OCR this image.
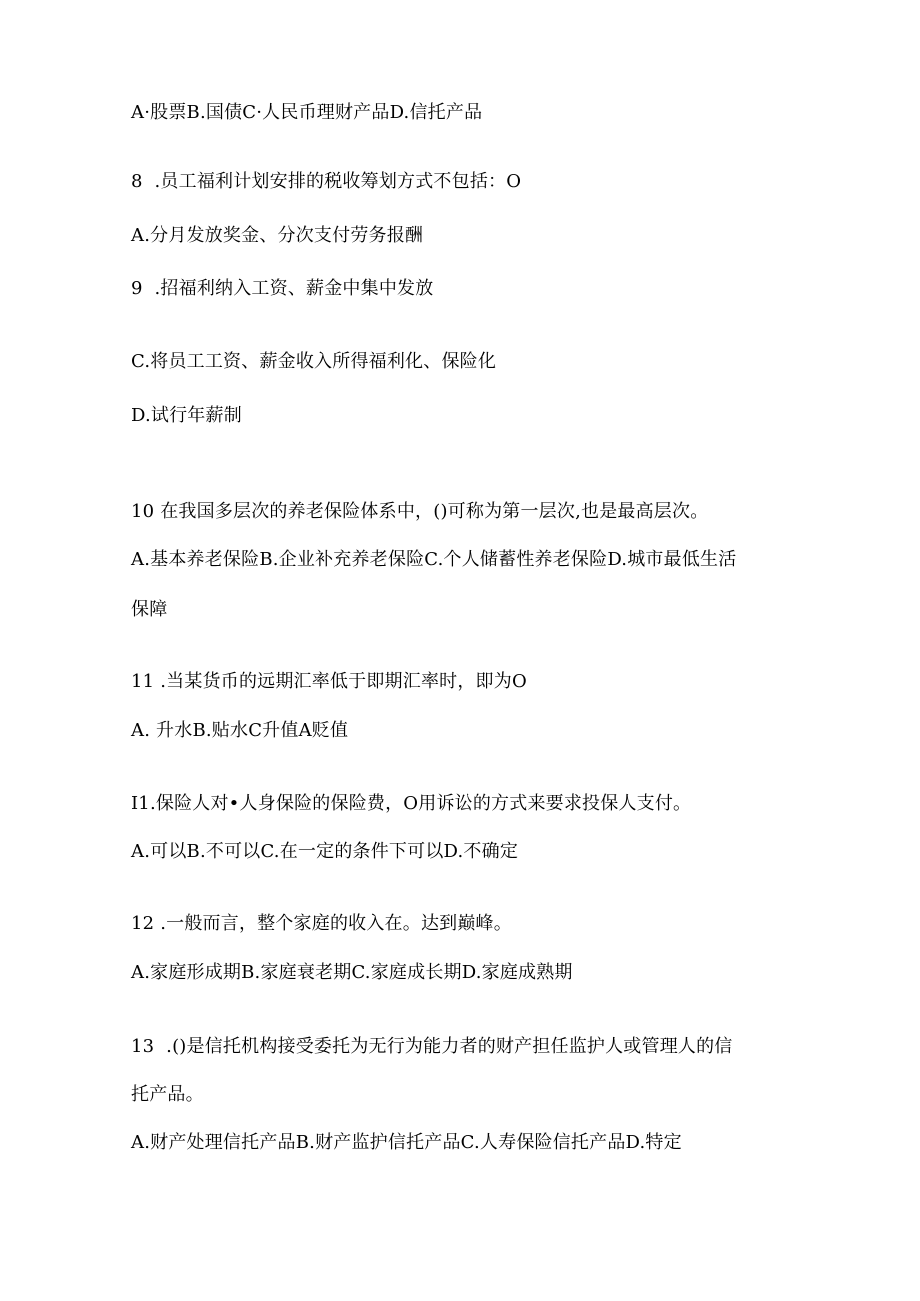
A·股票B.国债C·人民币理财产品D.信托产品
8  .员工福利计划安排的税收筹划方式不包括：O
A.分月发放奖金、分次支付劳务报酬
9  .招福利纳入工资、薪金中集中发放
C.将员工工资、薪金收入所得福利化、保险化
D.试行年薪制
10 在我国多层次的养老保险体系中，()可称为第一层次,也是最高层次。
A.基本养老保险B.企业补充养老保险C.个人储蓄性养老保险D.城市最低生活
保障
11 .当某货币的远期汇率低于即期汇率时，即为O
A. 升水B.贴水C升值A贬值
I1.保险人对•人身保险的保险费，O用诉讼的方式来要求投保人支付。
A.可以B.不可以C.在一定的条件下可以D.不确定
12 .一般而言，整个家庭的收入在。达到巅峰。
A.家庭形成期B.家庭衰老期C.家庭成长期D.家庭成熟期
13  .()是信托机构接受委托为无行为能力者的财产担任监护人或管理人的信
托产品。
A.财产处理信托产品B.财产监护信托产品C.人寿保险信托产品D.特定
